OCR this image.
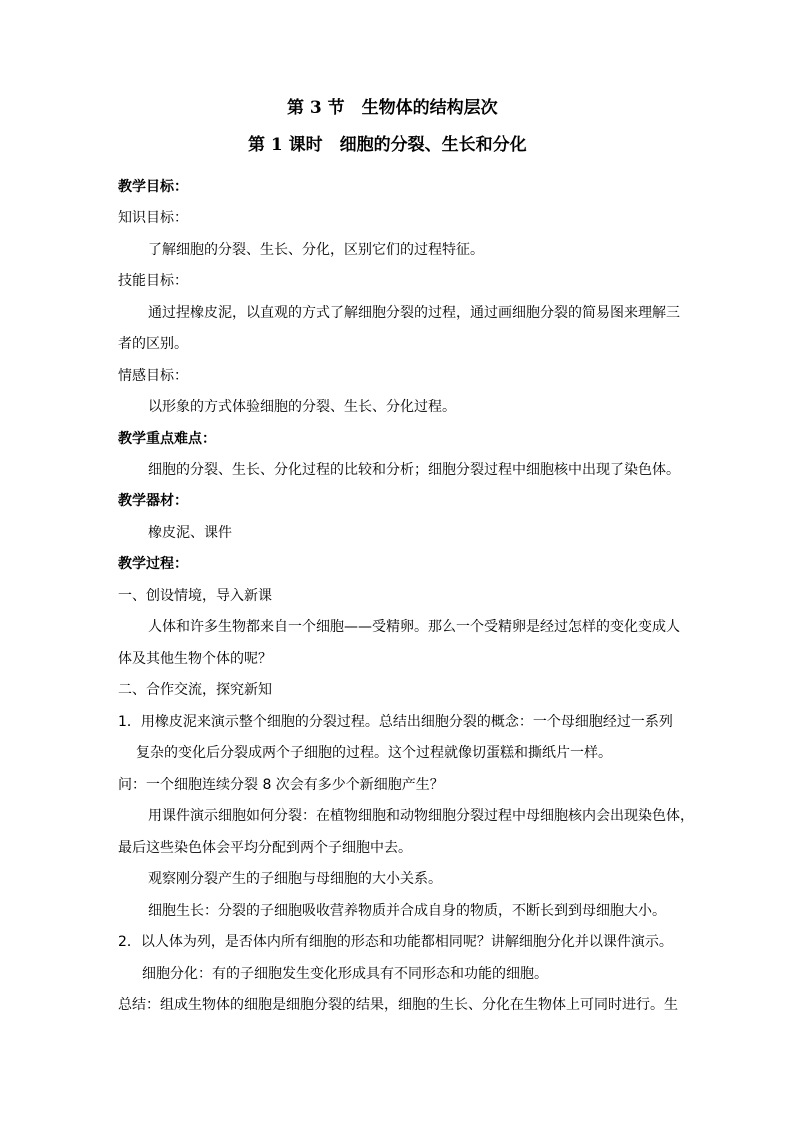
第 3 节　生物体的结构层次
第 1 课时　细胞的分裂、生长和分化
教学目标：
知识目标：
了解细胞的分裂、生长、分化，区别它们的过程特征。
技能目标：
通过捏橡皮泥，以直观的方式了解细胞分裂的过程，通过画细胞分裂的简易图来理解三
者的区别。
情感目标：
以形象的方式体验细胞的分裂、生长、分化过程。
教学重点难点：
细胞的分裂、生长、分化过程的比较和分析；细胞分裂过程中细胞核中出现了染色体。
教学器材：
橡皮泥、课件
教学过程：
一、创设情境，导入新课
人体和许多生物都来自一个细胞——受精卵。那么一个受精卵是经过怎样的变化变成人
体及其他生物个体的呢？
二、合作交流，探究新知
1．用橡皮泥来演示整个细胞的分裂过程。总结出细胞分裂的概念：一个母细胞经过一系列
复杂的变化后分裂成两个子细胞的过程。这个过程就像切蛋糕和撕纸片一样。
问：一个细胞连续分裂 8 次会有多少个新细胞产生？
用课件演示细胞如何分裂：在植物细胞和动物细胞分裂过程中母细胞核内会出现染色体，
最后这些染色体会平均分配到两个子细胞中去。
观察刚分裂产生的子细胞与母细胞的大小关系。
细胞生长：分裂的子细胞吸收营养物质并合成自身的物质，不断长到到母细胞大小。
2．以人体为列，是否体内所有细胞的形态和功能都相同呢？讲解细胞分化并以课件演示。
细胞分化：有的子细胞发生变化形成具有不同形态和功能的细胞。
总结：组成生物体的细胞是细胞分裂的结果，细胞的生长、分化在生物体上可同时进行。生
